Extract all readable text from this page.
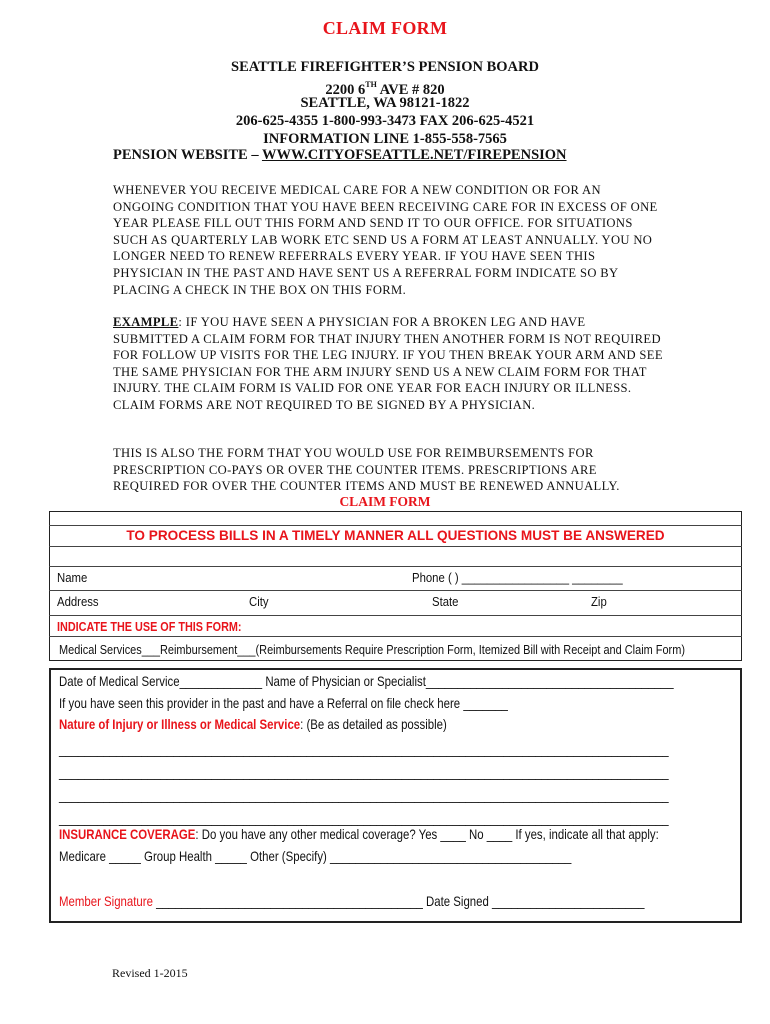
CLAIM FORM
SEATTLE FIREFIGHTER’S PENSION BOARD
2200 6TH AVE # 820
SEATTLE, WA 98121-1822
206-625-4355 1-800-993-3473 FAX 206-625-4521
INFORMATION LINE 1-855-558-7565
PENSION WEBSITE – WWW.CITYOFSEATTLE.NET/FIREPENSION
WHENEVER YOU RECEIVE MEDICAL CARE FOR A NEW CONDITION OR FOR AN ONGOING CONDITION THAT YOU HAVE BEEN RECEIVING CARE FOR IN EXCESS OF ONE YEAR PLEASE FILL OUT THIS FORM AND SEND IT TO OUR OFFICE. FOR SITUATIONS SUCH AS QUARTERLY LAB WORK ETC SEND US A FORM AT LEAST ANNUALLY. YOU NO LONGER NEED TO RENEW REFERRALS EVERY YEAR. IF YOU HAVE SEEN THIS PHYSICIAN IN THE PAST AND HAVE SENT US A REFERRAL FORM INDICATE SO BY PLACING A CHECK IN THE BOX ON THIS FORM.
EXAMPLE: IF YOU HAVE SEEN A PHYSICIAN FOR A BROKEN LEG AND HAVE SUBMITTED A CLAIM FORM FOR THAT INJURY THEN ANOTHER FORM IS NOT REQUIRED FOR FOLLOW UP VISITS FOR THE LEG INJURY. IF YOU THEN BREAK YOUR ARM AND SEE THE SAME PHYSICIAN FOR THE ARM INJURY SEND US A NEW CLAIM FORM FOR THAT INJURY. THE CLAIM FORM IS VALID FOR ONE YEAR FOR EACH INJURY OR ILLNESS. CLAIM FORMS ARE NOT REQUIRED TO BE SIGNED BY A PHYSICIAN.
THIS IS ALSO THE FORM THAT YOU WOULD USE FOR REIMBURSEMENTS FOR PRESCRIPTION CO-PAYS OR OVER THE COUNTER ITEMS. PRESCRIPTIONS ARE REQUIRED FOR OVER THE COUNTER ITEMS AND MUST BE RENEWED ANNUALLY.
CLAIM FORM
TO PROCESS BILLS IN A TIMELY MANNER ALL QUESTIONS MUST BE ANSWERED
Name	Phone ( ) _________________ ________
Address	City	State	Zip
INDICATE THE USE OF THIS FORM:
Medical Services___Reimbursement___(Reimbursements Require Prescription Form, Itemized Bill with Receipt and Claim Form)
Date of Medical Service_____________ Name of Physician or Specialist_______________________________________
If you have seen this provider in the past and have a Referral on file check here _______
Nature of Injury or Illness or Medical Service: (Be as detailed as possible)
________________________________________________________________________________________________
________________________________________________________________________________________________
________________________________________________________________________________________________
________________________________________________________________________________________________
INSURANCE COVERAGE: Do you have any other medical coverage? Yes ____ No ____ If yes, indicate all that apply:
Medicare _____ Group Health _____ Other (Specify) ______________________________________
Member Signature __________________________________________ Date Signed ________________________
Revised 1-2015
